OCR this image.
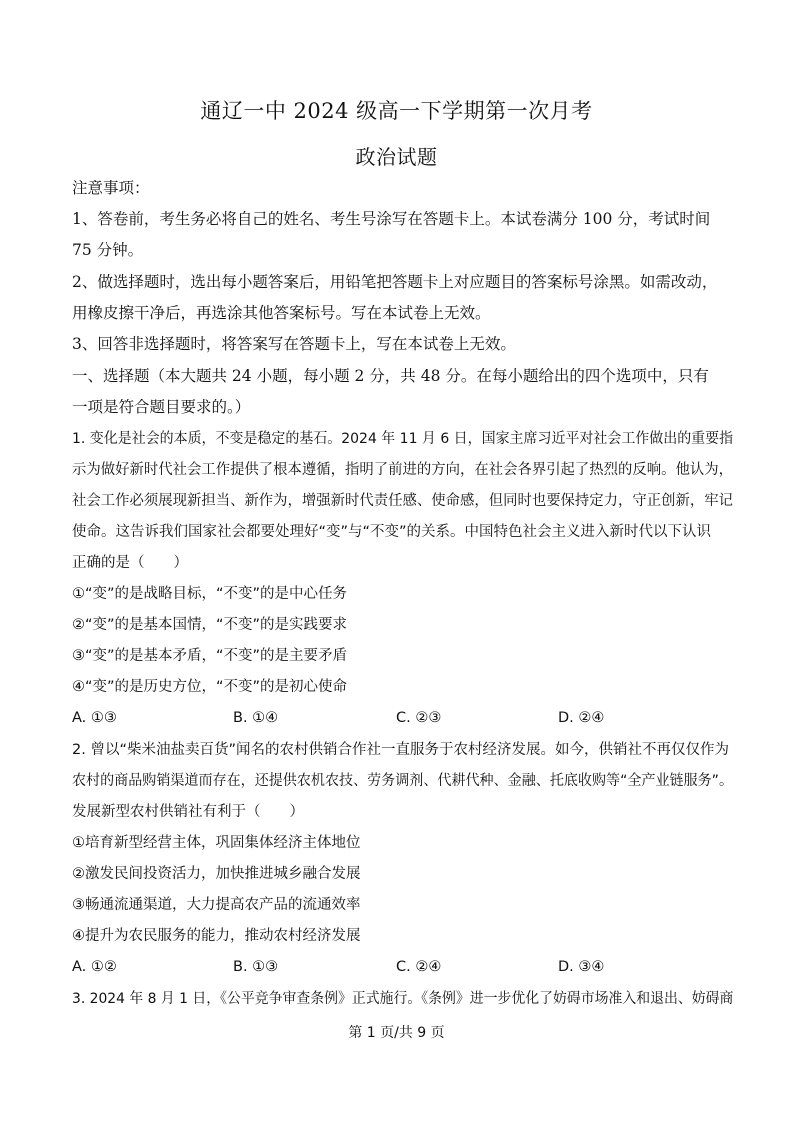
通辽一中 2024 级高一下学期第一次月考
政治试题
注意事项：
1、答卷前，考生务必将自己的姓名、考生号涂写在答题卡上。本试卷满分 100 分，考试时间
75 分钟。
2、做选择题时，选出每小题答案后，用铅笔把答题卡上对应题目的答案标号涂黑。如需改动，
用橡皮擦干净后，再选涂其他答案标号。写在本试卷上无效。
3、回答非选择题时，将答案写在答题卡上，写在本试卷上无效。
一、选择题（本大题共 24 小题，每小题 2 分，共 48 分。在每小题给出的四个选项中，只有
一项是符合题目要求的。）
1. 变化是社会的本质，不变是稳定的基石。2024 年 11 月 6 日，国家主席习近平对社会工作做出的重要指
示为做好新时代社会工作提供了根本遵循，指明了前进的方向，在社会各界引起了热烈的反响。他认为，
社会工作必须展现新担当、新作为，增强新时代责任感、使命感，但同时也要保持定力，守正创新，牢记
使命。这告诉我们国家社会都要处理好“变”与“不变”的关系。中国特色社会主义进入新时代以下认识
正确的是（　　）
①“变”的是战略目标，“不变”的是中心任务
②“变”的是基本国情，“不变”的是实践要求
③“变”的是基本矛盾，“不变”的是主要矛盾
④“变”的是历史方位，“不变”的是初心使命
A. ①③	B. ①④	C. ②③	D. ②④
2. 曾以“柴米油盐卖百货”闻名的农村供销合作社一直服务于农村经济发展。如今，供销社不再仅仅作为
农村的商品购销渠道而存在，还提供农机农技、劳务调剂、代耕代种、金融、托底收购等“全产业链服务”。
发展新型农村供销社有利于（　　）
①培育新型经营主体，巩固集体经济主体地位
②激发民间投资活力，加快推进城乡融合发展
③畅通流通渠道，大力提高农产品的流通效率
④提升为农民服务的能力，推动农村经济发展
A. ①②	B. ①③	C. ②④	D. ③④
3. 2024 年 8 月 1 日，《公平竞争审查条例》正式施行。《条例》进一步优化了妨碍市场准入和退出、妨碍商
第 1 页/共 9 页
